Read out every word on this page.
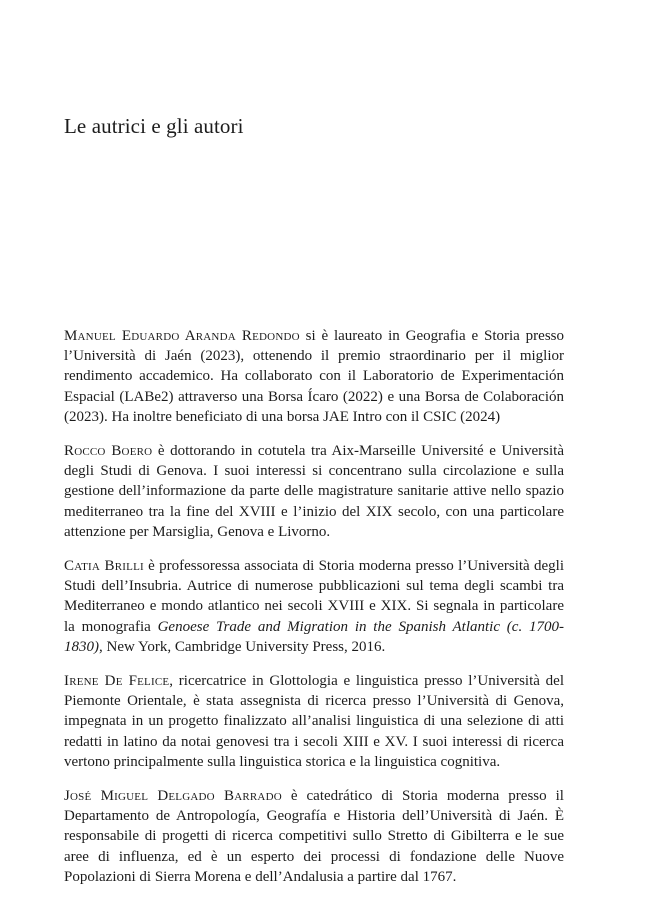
Le autrici e gli autori

Manuel Eduardo Aranda Redondo si è laureato in Geografia e Storia presso l’Università di Jaén (2023), ottenendo il premio straordinario per il miglior rendimento accademico. Ha collaborato con il Laboratorio de Experimentación Espacial (LABe2) attraverso una Borsa Ícaro (2022) e una Borsa de Colaboración (2023). Ha inoltre beneficiato di una borsa JAE Intro con il CSIC (2024)

Rocco Boero è dottorando in cotutela tra Aix-Marseille Université e Università degli Studi di Genova. I suoi interessi si concentrano sulla circolazione e sulla gestione dell’informazione da parte delle magistrature sanitarie attive nello spazio mediterraneo tra la fine del XVIII e l’inizio del XIX secolo, con una particolare attenzione per Marsiglia, Genova e Livorno.

Catia Brilli è professoressa associata di Storia moderna presso l’Università degli Studi dell’Insubria. Autrice di numerose pubblicazioni sul tema degli scambi tra Mediterraneo e mondo atlantico nei secoli XVIII e XIX. Si segnala in particolare la monografia Genoese Trade and Migration in the Spanish Atlantic (c. 1700-1830), New York, Cambridge University Press, 2016.

Irene De Felice, ricercatrice in Glottologia e linguistica presso l’Università del Piemonte Orientale, è stata assegnista di ricerca presso l’Università di Genova, impegnata in un progetto finalizzato all’analisi linguistica di una selezione di atti redatti in latino da notai genovesi tra i secoli XIII e XV. I suoi interessi di ricerca vertono principalmente sulla linguistica storica e la linguistica cognitiva.

José Miguel Delgado Barrado è catedrático di Storia moderna presso il Departamento de Antropología, Geografía e Historia dell’Università di Jaén. È responsabile di progetti di ricerca competitivi sullo Stretto di Gibilterra e le sue aree di influenza, ed è un esperto dei processi di fondazione delle Nuove Popolazioni di Sierra Morena e dell’Andalusia a partire dal 1767.
